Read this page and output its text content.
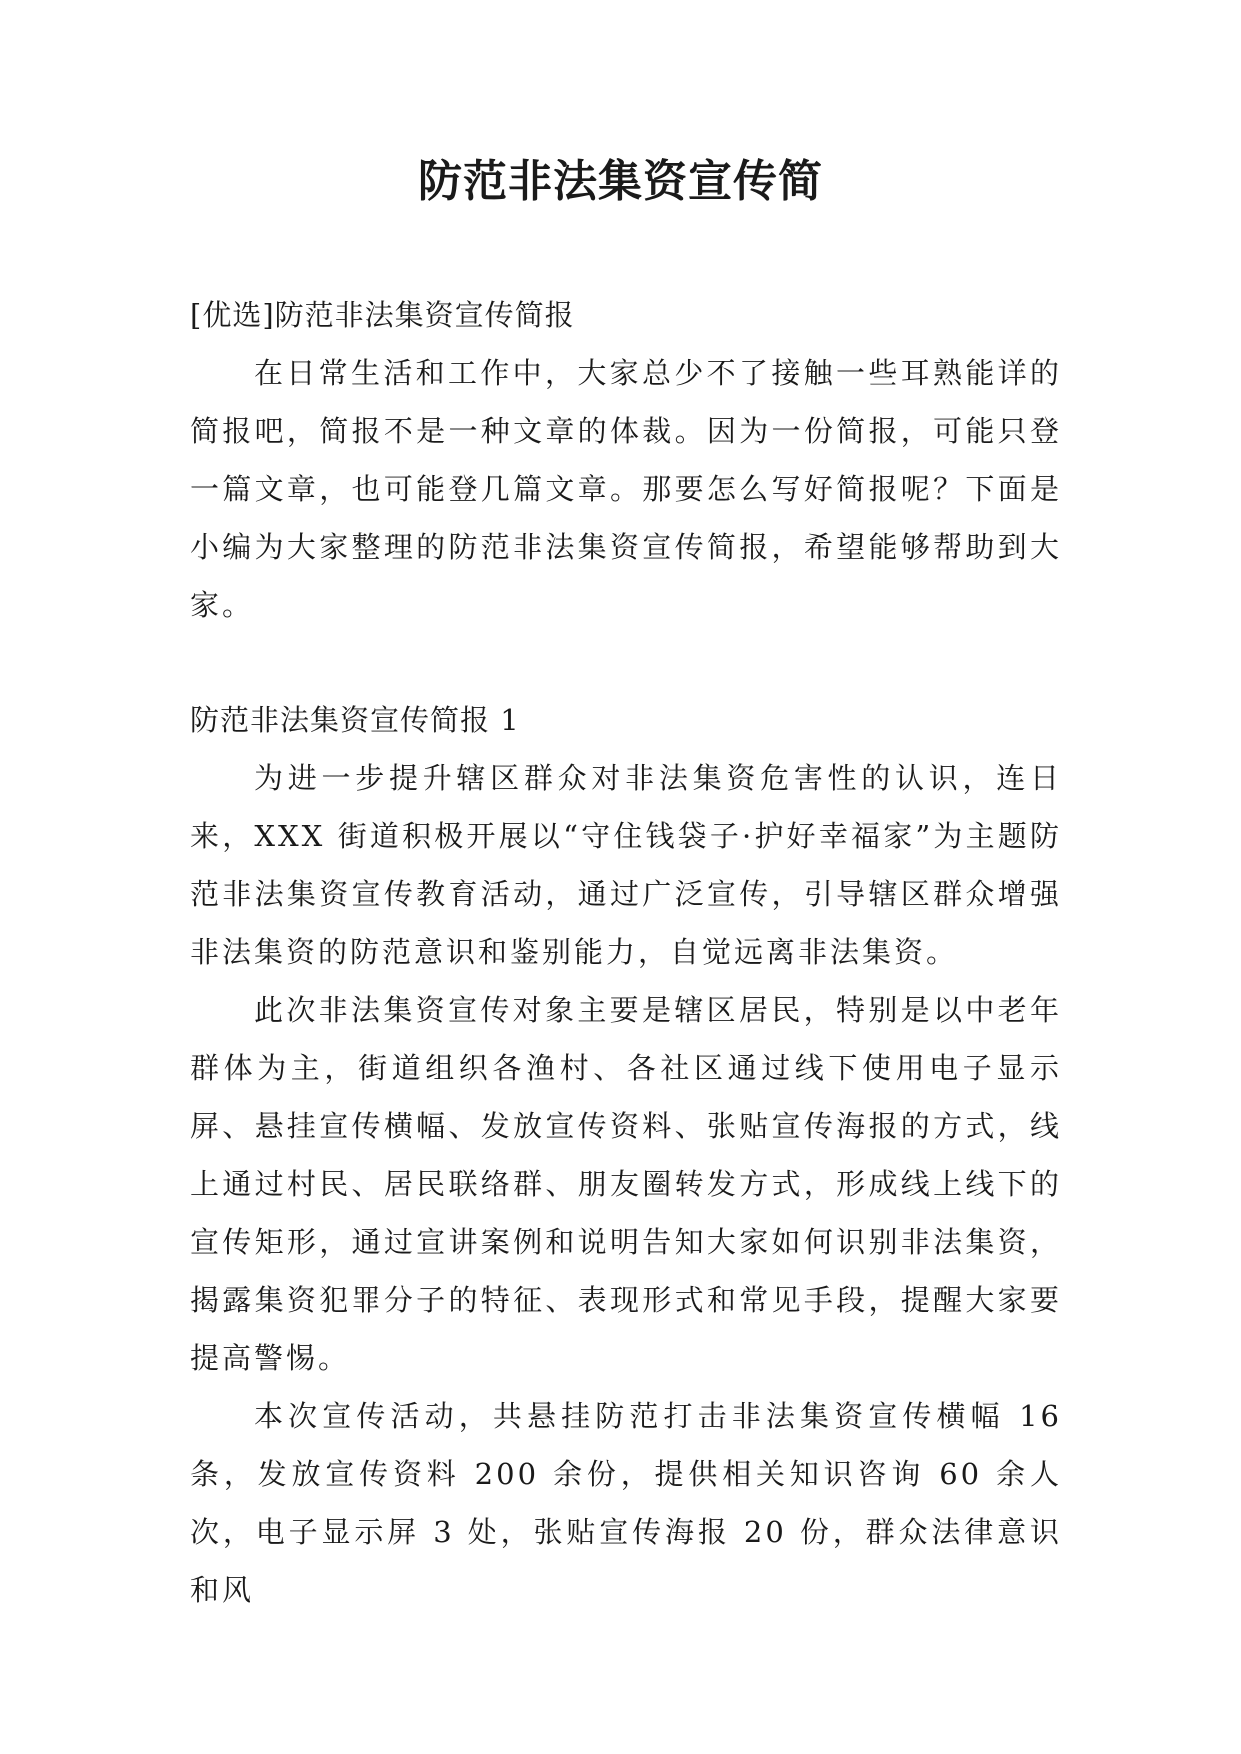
防范非法集资宣传简

[优选]防范非法集资宣传简报

在日常生活和工作中，大家总少不了接触一些耳熟能详的简报吧，简报不是一种文章的体裁。因为一份简报，可能只登一篇文章，也可能登几篇文章。那要怎么写好简报呢？下面是小编为大家整理的防范非法集资宣传简报，希望能够帮助到大家。

防范非法集资宣传简报 1

为进一步提升辖区群众对非法集资危害性的认识，连日来，XXX 街道积极开展以“守住钱袋子·护好幸福家”为主题防范非法集资宣传教育活动，通过广泛宣传，引导辖区群众增强非法集资的防范意识和鉴别能力，自觉远离非法集资。

此次非法集资宣传对象主要是辖区居民，特别是以中老年群体为主，街道组织各渔村、各社区通过线下使用电子显示屏、悬挂宣传横幅、发放宣传资料、张贴宣传海报的方式，线上通过村民、居民联络群、朋友圈转发方式，形成线上线下的宣传矩形，通过宣讲案例和说明告知大家如何识别非法集资，揭露集资犯罪分子的特征、表现形式和常见手段，提醒大家要提高警惕。

本次宣传活动，共悬挂防范打击非法集资宣传横幅 16 条，发放宣传资料 200 余份，提供相关知识咨询 60 余人次，电子显示屏 3 处，张贴宣传海报 20 份，群众法律意识和风
